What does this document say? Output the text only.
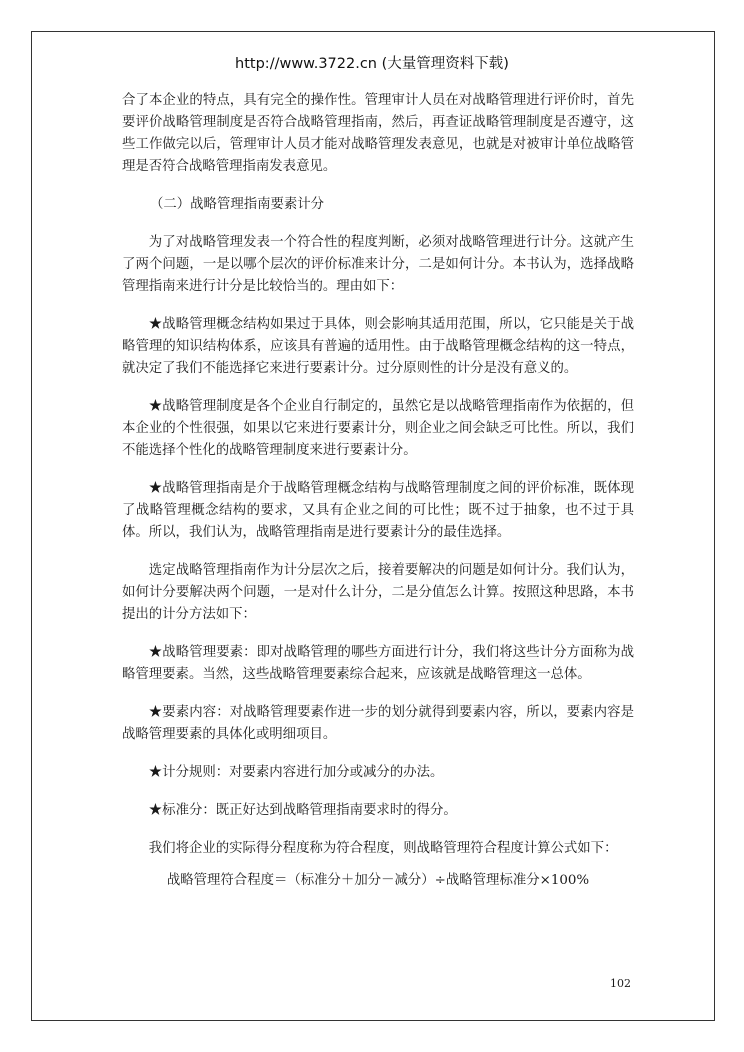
http://www.3722.cn (大量管理资料下载)

合了本企业的特点，具有完全的操作性。管理审计人员在对战略管理进行评价时，首先要评价战略管理制度是否符合战略管理指南，然后，再查证战略管理制度是否遵守，这些工作做完以后，管理审计人员才能对战略管理发表意见，也就是对被审计单位战略管理是否符合战略管理指南发表意见。

（二）战略管理指南要素计分

为了对战略管理发表一个符合性的程度判断，必须对战略管理进行计分。这就产生了两个问题，一是以哪个层次的评价标准来计分，二是如何计分。本书认为，选择战略管理指南来进行计分是比较恰当的。理由如下：

★战略管理概念结构如果过于具体，则会影响其适用范围，所以，它只能是关于战略管理的知识结构体系，应该具有普遍的适用性。由于战略管理概念结构的这一特点，就决定了我们不能选择它来进行要素计分。过分原则性的计分是没有意义的。

★战略管理制度是各个企业自行制定的，虽然它是以战略管理指南作为依据的，但本企业的个性很强，如果以它来进行要素计分，则企业之间会缺乏可比性。所以，我们不能选择个性化的战略管理制度来进行要素计分。

★战略管理指南是介于战略管理概念结构与战略管理制度之间的评价标准，既体现了战略管理概念结构的要求，又具有企业之间的可比性；既不过于抽象，也不过于具体。所以，我们认为，战略管理指南是进行要素计分的最佳选择。

选定战略管理指南作为计分层次之后，接着要解决的问题是如何计分。我们认为，如何计分要解决两个问题，一是对什么计分，二是分值怎么计算。按照这种思路，本书提出的计分方法如下：

★战略管理要素：即对战略管理的哪些方面进行计分，我们将这些计分方面称为战略管理要素。当然，这些战略管理要素综合起来，应该就是战略管理这一总体。

★要素内容：对战略管理要素作进一步的划分就得到要素内容，所以，要素内容是战略管理要素的具体化或明细项目。

★计分规则：对要素内容进行加分或减分的办法。

★标准分：既正好达到战略管理指南要求时的得分。

我们将企业的实际得分程度称为符合程度，则战略管理符合程度计算公式如下：

战略管理符合程度＝（标准分＋加分－减分）÷战略管理标准分×100%

102
